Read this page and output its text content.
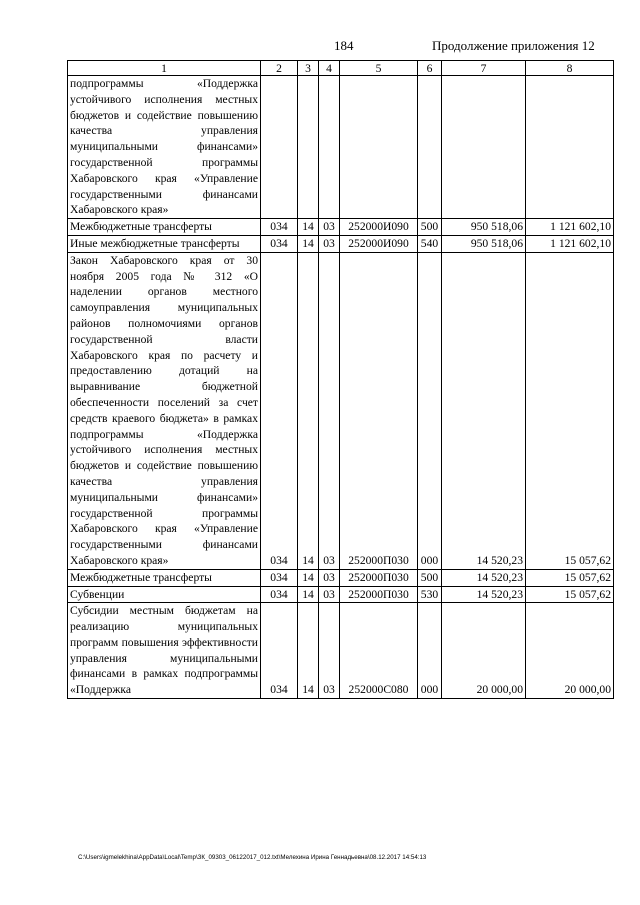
184	Продолжение приложения 12
1	2	3	4	5	6	7	8
подпрограммы «Поддержка устойчивого исполнения местных бюджетов и содействие повышению качества управления муниципальными финансами» государственной программы Хабаровского края «Управление государственными финансами Хабаровского края»							
Межбюджетные трансферты	034	14	03	252000И090	500	950 518,06	1 121 602,10
Иные межбюджетные трансферты	034	14	03	252000И090	540	950 518,06	1 121 602,10
Закон Хабаровского края от 30 ноября 2005 года № 312 «О наделении органов местного самоуправления муниципальных районов полномочиями органов государственной власти Хабаровского края по расчету и предоставлению дотаций на выравнивание бюджетной обеспеченности поселений за счет средств краевого бюджета» в рамках подпрограммы «Поддержка устойчивого исполнения местных бюджетов и содействие повышению качества управления муниципальными финансами» государственной программы Хабаровского края «Управление государственными финансами Хабаровского края»	034	14	03	252000П030	000	14 520,23	15 057,62
Межбюджетные трансферты	034	14	03	252000П030	500	14 520,23	15 057,62
Субвенции	034	14	03	252000П030	530	14 520,23	15 057,62
Субсидии местным бюджетам на реализацию муниципальных программ повышения эффективности управления муниципальными финансами в рамках подпрограммы «Поддержка	034	14	03	252000С080	000	20 000,00	20 000,00
C:\Users\igmelekhina\AppData\Local\Temp\ЗК_09303_06122017_012.txt\Мелехина Ирина Геннадьевна\08.12.2017 14:54:13
